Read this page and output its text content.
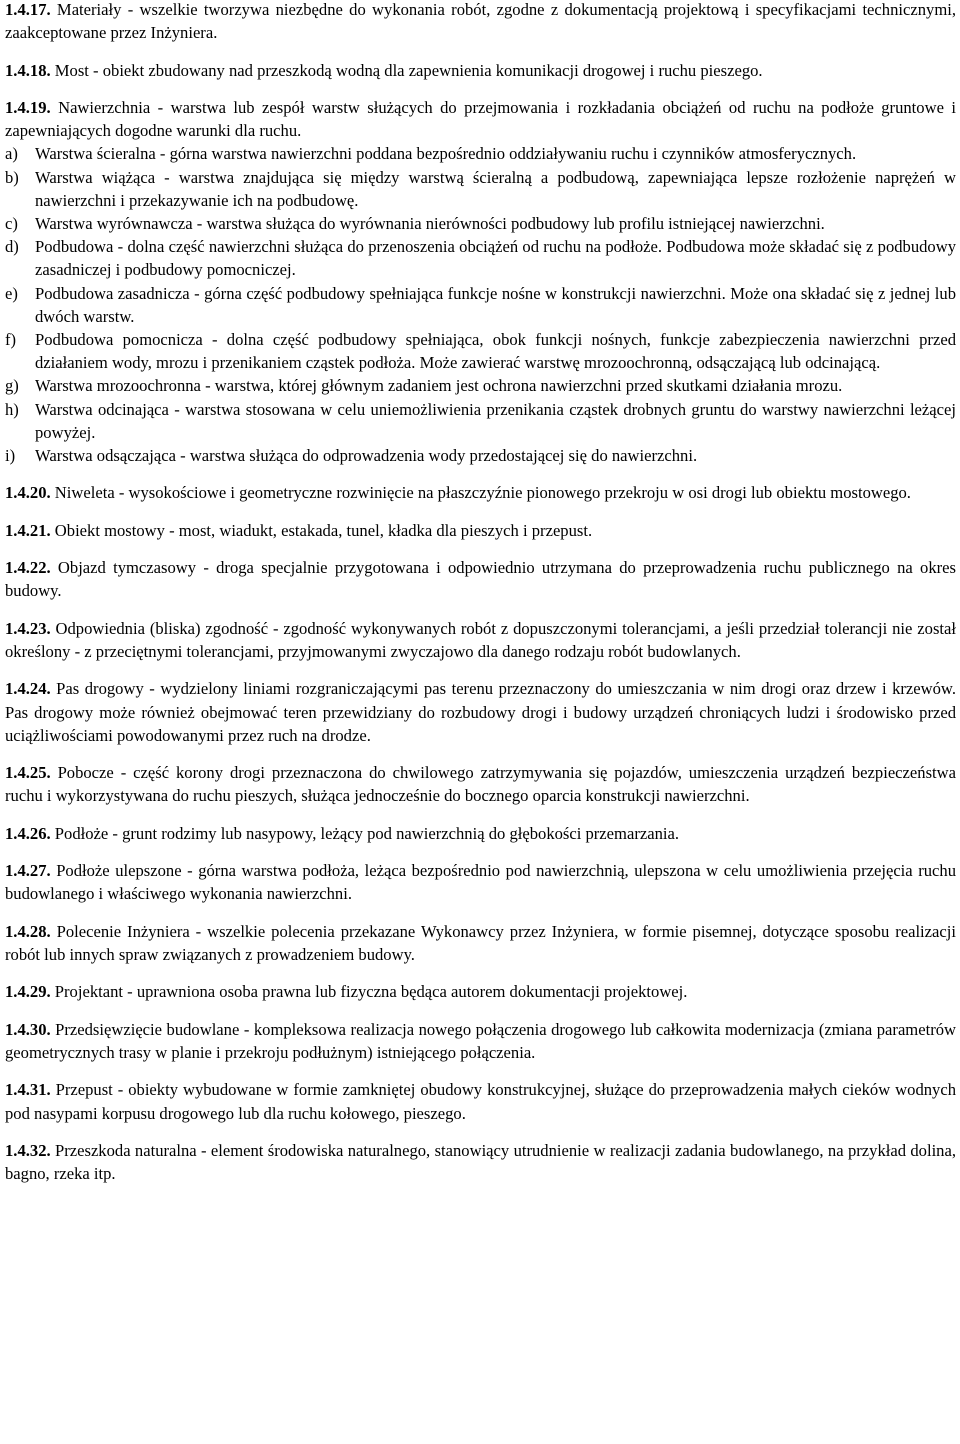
1.4.17. Materiały - wszelkie tworzywa niezbędne do wykonania robót, zgodne z dokumentacją projektową i specyfikacjami technicznymi, zaakceptowane przez Inżyniera.

1.4.18. Most - obiekt zbudowany nad przeszkodą wodną dla zapewnienia komunikacji drogowej i ruchu pieszego.

1.4.19. Nawierzchnia - warstwa lub zespół warstw służących do przejmowania i rozkładania obciążeń od ruchu na podłoże gruntowe i zapewniających dogodne warunki dla ruchu.

a)	Warstwa ścieralna - górna warstwa nawierzchni poddana bezpośrednio oddziaływaniu ruchu i czynników atmosferycznych.

b) Warstwa wiążąca - warstwa znajdująca się między warstwą ścieralną a podbudową, zapewniająca lepsze rozłożenie naprężeń w nawierzchni i przekazywanie ich na podbudowę.

c)	Warstwa wyrównawcza - warstwa służąca do wyrównania nierówności podbudowy lub profilu istniejącej nawierzchni.

d) Podbudowa - dolna część nawierzchni służąca do przenoszenia obciążeń od ruchu na podłoże. Podbudowa może składać się z podbudowy zasadniczej i podbudowy pomocniczej.

e)	Podbudowa zasadnicza - górna część podbudowy spełniająca funkcje nośne w konstrukcji nawierzchni. Może ona składać się z jednej lub dwóch warstw.

f)	Podbudowa pomocnicza - dolna część podbudowy spełniająca, obok funkcji nośnych, funkcje zabezpieczenia nawierzchni przed działaniem wody, mrozu i przenikaniem cząstek podłoża. Może zawierać warstwę mrozoochronną, odsączającą lub odcinającą.

g) Warstwa mrozoochronna - warstwa, której głównym zadaniem jest ochrona nawierzchni przed skutkami działania mrozu.

h) Warstwa odcinająca - warstwa stosowana w celu uniemożliwienia przenikania cząstek drobnych gruntu do warstwy nawierzchni leżącej powyżej.

i)	Warstwa odsączająca - warstwa służąca do odprowadzenia wody przedostającej się do nawierzchni.

1.4.20. Niweleta - wysokościowe i geometryczne rozwinięcie na płaszczyźnie pionowego przekroju w osi drogi lub obiektu mostowego.

1.4.21. Obiekt mostowy - most, wiadukt, estakada, tunel, kładka dla pieszych i przepust.

1.4.22. Objazd tymczasowy - droga specjalnie przygotowana i odpowiednio utrzymana do przeprowadzenia ruchu publicznego na okres budowy.

1.4.23. Odpowiednia (bliska) zgodność - zgodność wykonywanych robót z dopuszczonymi tolerancjami, a jeśli przedział tolerancji nie został określony - z przeciętnymi tolerancjami, przyjmowanymi zwyczajowo dla danego rodzaju robót budowlanych.

1.4.24. Pas drogowy - wydzielony liniami rozgraniczającymi pas terenu przeznaczony do umieszczania w nim drogi oraz drzew i krzewów. Pas drogowy może również obejmować teren przewidziany do rozbudowy drogi i budowy urządzeń chroniących ludzi i środowisko przed uciążliwościami powodowanymi przez ruch na drodze.

1.4.25. Pobocze - część korony drogi przeznaczona do chwilowego zatrzymywania się pojazdów, umieszczenia urządzeń bezpieczeństwa ruchu i wykorzystywana do ruchu pieszych, służąca jednocześnie do bocznego oparcia konstrukcji nawierzchni.

1.4.26. Podłoże - grunt rodzimy lub nasypowy, leżący pod nawierzchnią do głębokości przemarzania.

1.4.27. Podłoże ulepszone - górna warstwa podłoża, leżąca bezpośrednio pod nawierzchnią, ulepszona w celu umożliwienia przejęcia ruchu budowlanego i właściwego wykonania nawierzchni.

1.4.28. Polecenie Inżyniera - wszelkie polecenia przekazane Wykonawcy przez Inżyniera, w formie pisemnej, dotyczące sposobu realizacji robót lub innych spraw związanych z prowadzeniem budowy.

1.4.29. Projektant - uprawniona osoba prawna lub fizyczna będąca autorem dokumentacji projektowej.

1.4.30. Przedsięwzięcie budowlane - kompleksowa realizacja nowego połączenia drogowego lub całkowita modernizacja (zmiana parametrów geometrycznych trasy w planie i przekroju podłużnym) istniejącego połączenia.

1.4.31. Przepust - obiekty wybudowane w formie zamkniętej obudowy konstrukcyjnej, służące do przeprowadzenia małych cieków wodnych pod nasypami korpusu drogowego lub dla ruchu kołowego, pieszego.

1.4.32. Przeszkoda naturalna - element środowiska naturalnego, stanowiący utrudnienie w realizacji zadania budowlanego, na przykład dolina, bagno, rzeka itp.
